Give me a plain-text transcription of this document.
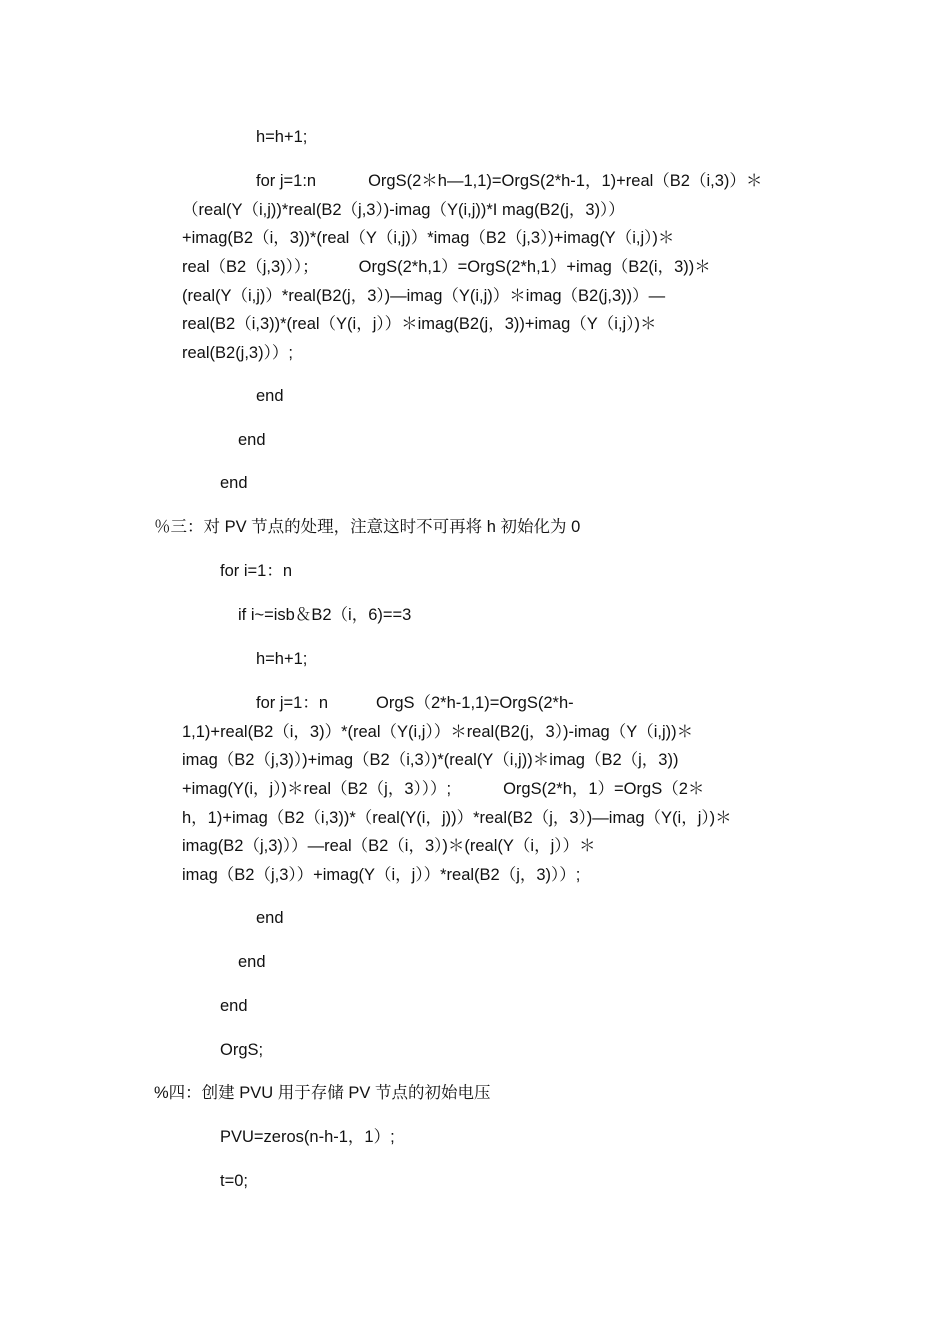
h=h+1;
for j=1:n	OrgS(2＊h—1,1)=OrgS(2*h-1，1)+real（B2（i,3)）＊
（real(Y（i,j))*real(B2（j,3）)-imag（Y(i,j))*I mag(B2(j，3)））
+imag(B2（i，3))*(real（Y（i,j)）*imag（B2（j,3）)+imag(Y（i,j）)＊
real（B2（j,3)））； OrgS(2*h,1）=OrgS(2*h,1）+imag（B2(i，3))＊
(real(Y（i,j)）*real(B2(j，3）)—imag（Y(i,j)）＊imag（B2(j,3))）—
real(B2（i,3))*(real（Y(i，j））＊imag(B2(j，3))+imag（Y（i,j）)＊
real(B2(j,3)））;
end
end
end
％三：对 PV 节点的处理，注意这时不可再将 h 初始化为 0
for i=1：n
if i~=isb＆B2（i，6)==3
h=h+1;
for j=1：n	OrgS（2*h-1,1)=OrgS(2*h-
1,1)+real(B2（i，3)）*(real（Y(i,j））＊real(B2(j，3）)-imag（Y（i,j))＊
imag（B2（j,3)）)+imag（B2（i,3）)*(real(Y（i,j))＊imag（B2（j，3))
+imag(Y(i，j）)＊real（B2（j，3）））;	OrgS(2*h，1）=OrgS（2＊
h，1)+imag（B2（i,3))*（real(Y(i，j))）*real(B2（j，3）)—imag（Y(i，j）)＊
imag(B2（j,3)））—real（B2（i，3）)＊(real(Y（i，j））＊
imag（B2（j,3））+imag(Y（i，j））*real(B2（j，3)））;
end
end
end
OrgS;
%四：创建 PVU 用于存储 PV 节点的初始电压
PVU=zeros(n-h-1，1）;
t=0;
